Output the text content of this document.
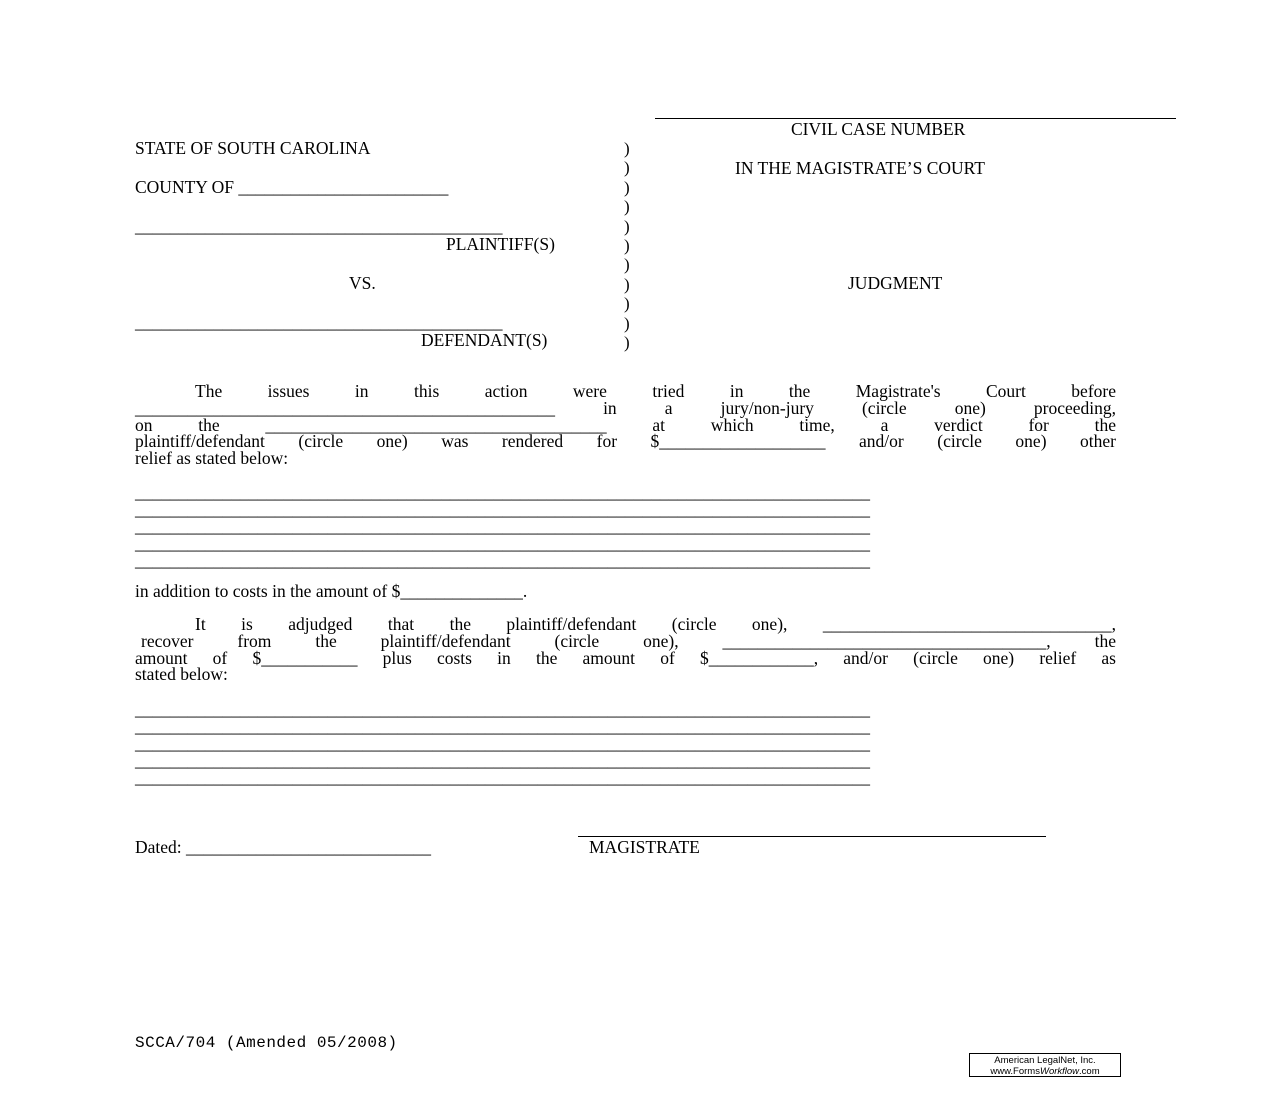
CIVIL CASE NUMBER
IN THE MAGISTRATE’S COURT
STATE OF SOUTH CAROLINA
COUNTY OF ________________________
__________________________________________
PLAINTIFF(S)
VS.
__________________________________________
DEFENDANT(S)
JUDGMENT
)
)
)
)
)
)
)
)
)
)
)
The issues in this action were tried in the Magistrate's Court before
________________________________________________ in a jury/non-jury (circle one) proceeding,
on the _______________________________________ at which time, a verdict for the
plaintiff/defendant (circle one) was rendered for $___________________ and/or (circle one) other
relief as stated below:
____________________________________________________________________________________
____________________________________________________________________________________
____________________________________________________________________________________
____________________________________________________________________________________
____________________________________________________________________________________
in addition to costs in the amount of $______________.
It is adjudged that the plaintiff/defendant (circle one), _________________________________,
recover from the plaintiff/defendant (circle one), _____________________________________, the
amount of $___________ plus costs in the amount of $____________, and/or (circle one) relief as
stated below:
____________________________________________________________________________________
____________________________________________________________________________________
____________________________________________________________________________________
____________________________________________________________________________________
____________________________________________________________________________________
Dated: ____________________________	MAGISTRATE
SCCA/704 (Amended 05/2008)
American LegalNet, Inc.
www.FormsWorkflow.com
